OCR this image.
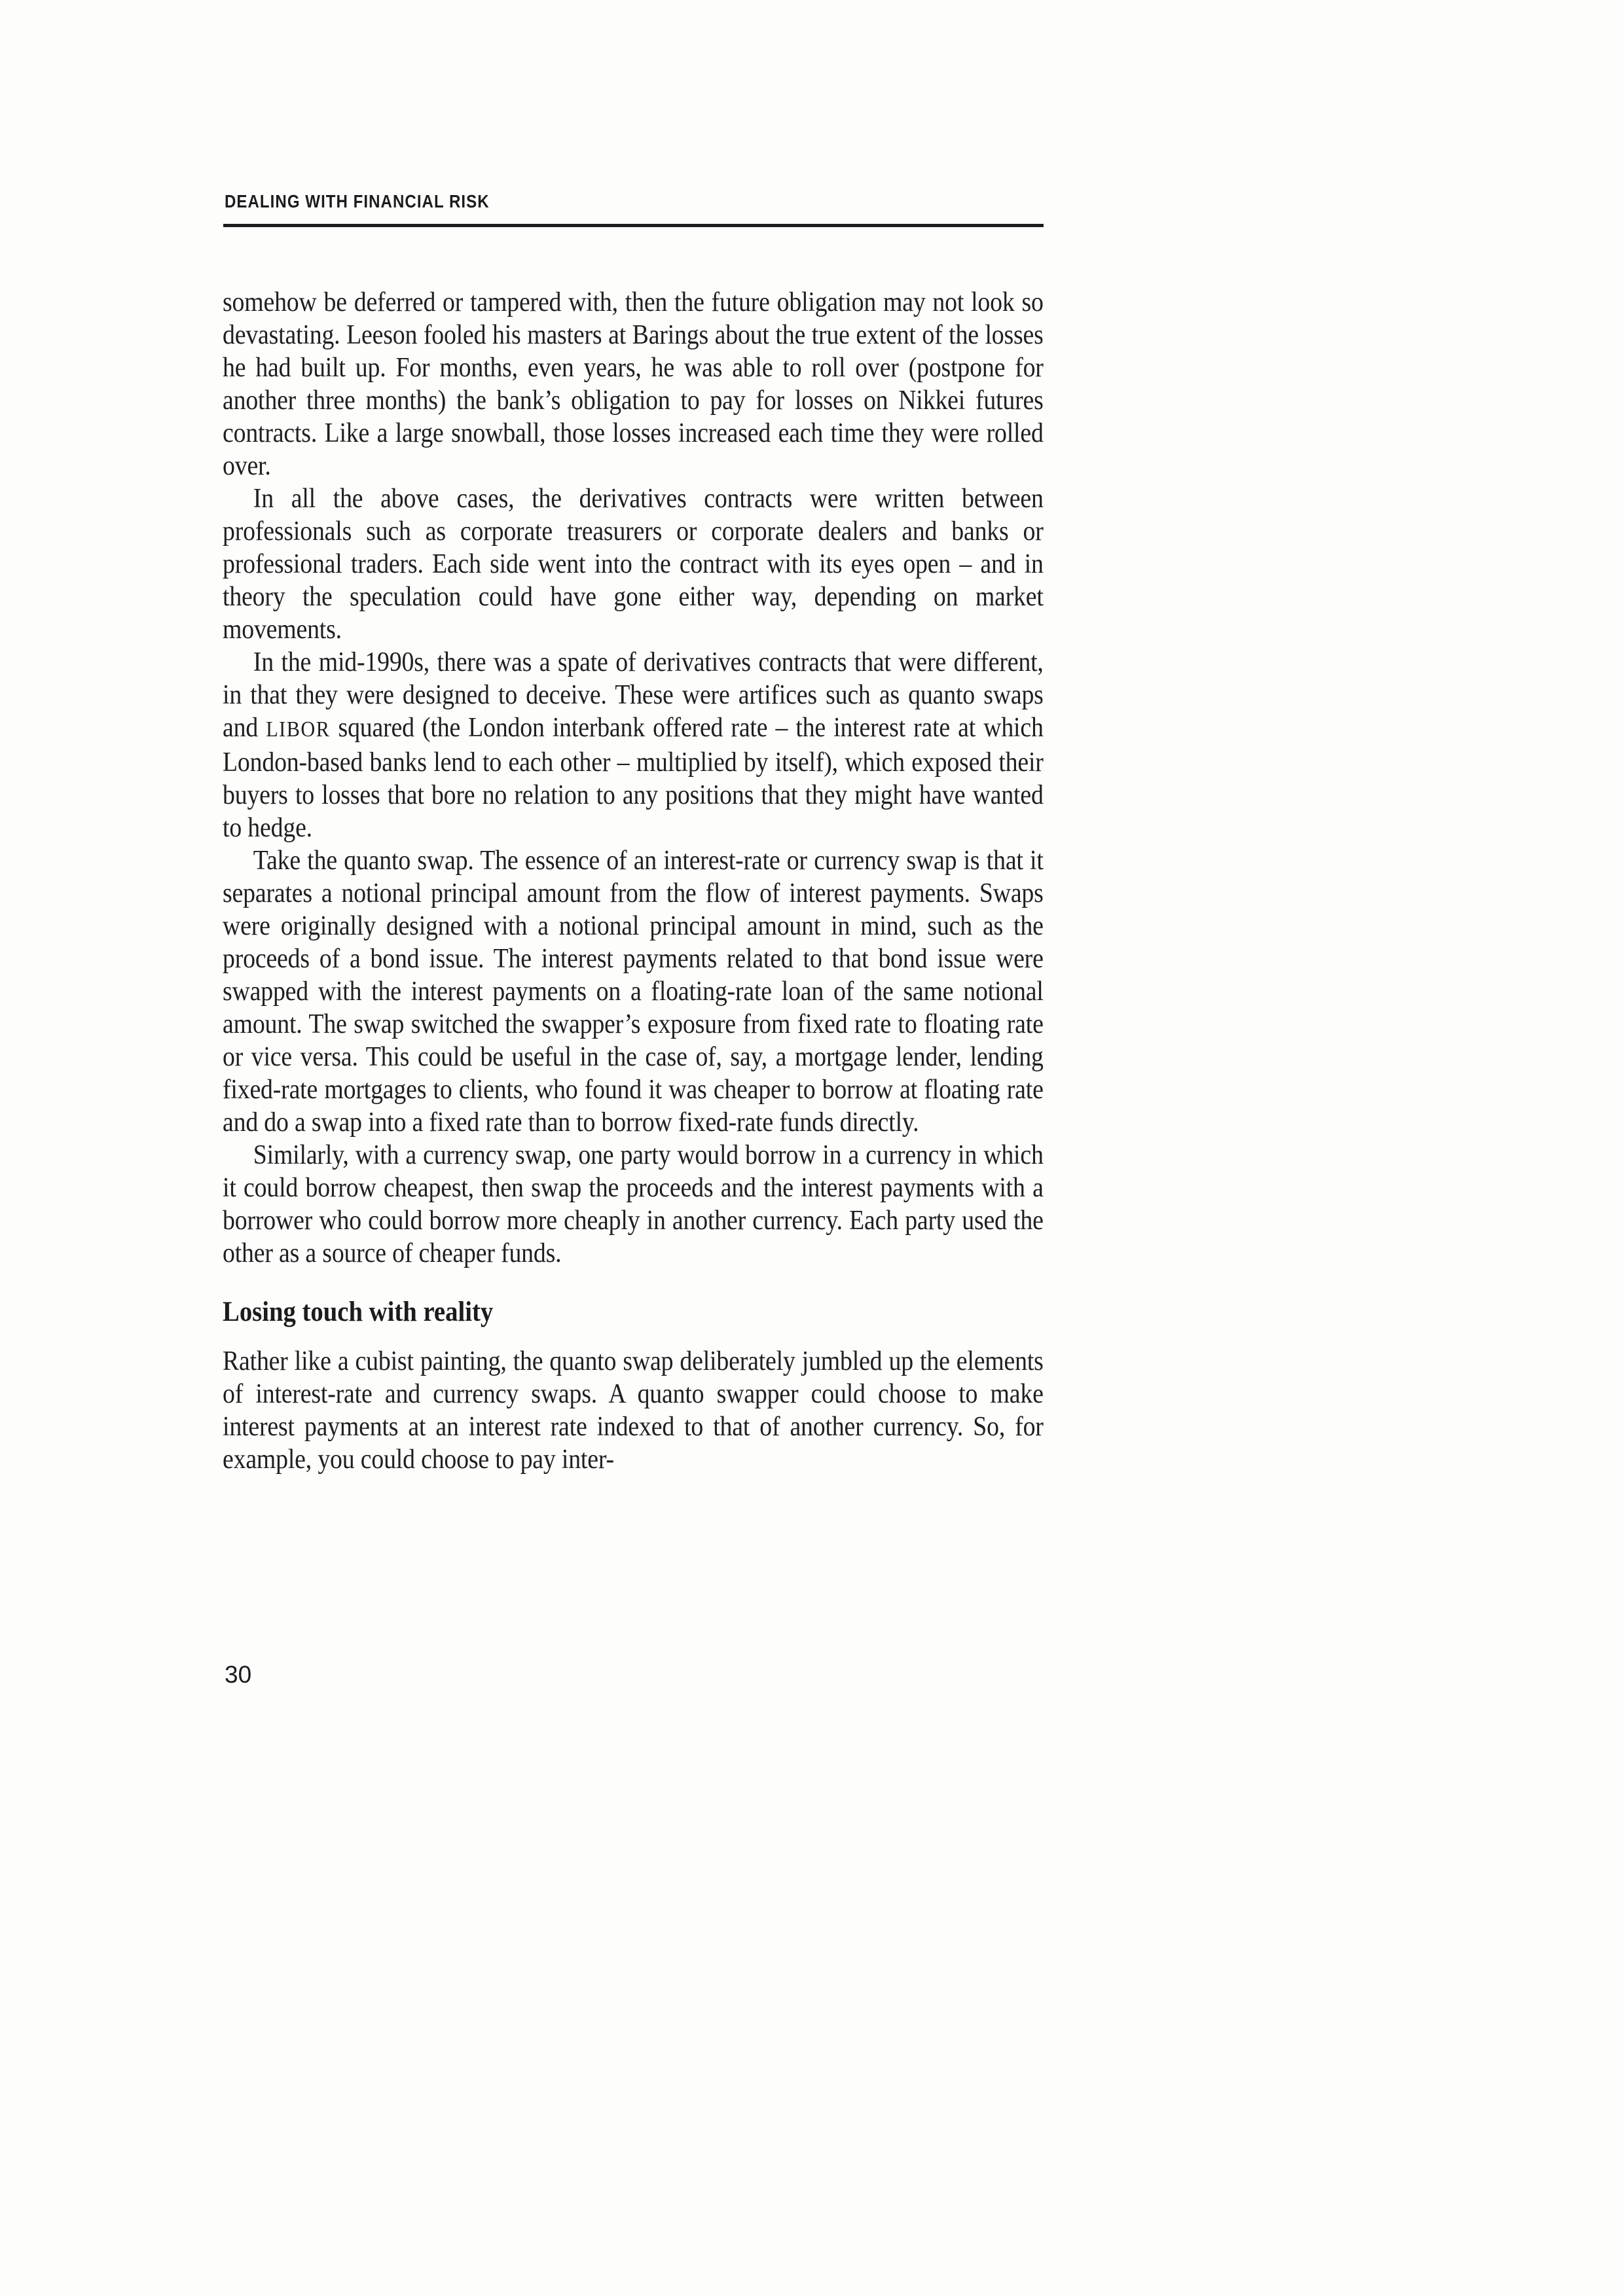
DEALING WITH FINANCIAL RISK

somehow be deferred or tampered with, then the future obligation may not look so devastating. Leeson fooled his masters at Barings about the true extent of the losses he had built up. For months, even years, he was able to roll over (postpone for another three months) the bank’s obligation to pay for losses on Nikkei futures contracts. Like a large snowball, those losses increased each time they were rolled over.

In all the above cases, the derivatives contracts were written between professionals such as corporate treasurers or corporate dealers and banks or professional traders. Each side went into the contract with its eyes open – and in theory the speculation could have gone either way, depending on market movements.

In the mid-1990s, there was a spate of derivatives contracts that were different, in that they were designed to deceive. These were artifices such as quanto swaps and LIBOR squared (the London interbank offered rate – the interest rate at which London-based banks lend to each other – multiplied by itself), which exposed their buyers to losses that bore no relation to any positions that they might have wanted to hedge.

Take the quanto swap. The essence of an interest-rate or currency swap is that it separates a notional principal amount from the flow of interest payments. Swaps were originally designed with a notional principal amount in mind, such as the proceeds of a bond issue. The interest payments related to that bond issue were swapped with the interest payments on a floating-rate loan of the same notional amount. The swap switched the swapper’s exposure from fixed rate to floating rate or vice versa. This could be useful in the case of, say, a mortgage lender, lending fixed-rate mortgages to clients, who found it was cheaper to borrow at floating rate and do a swap into a fixed rate than to borrow fixed-rate funds directly.

Similarly, with a currency swap, one party would borrow in a currency in which it could borrow cheapest, then swap the proceeds and the interest payments with a borrower who could borrow more cheaply in another currency. Each party used the other as a source of cheaper funds.

Losing touch with reality

Rather like a cubist painting, the quanto swap deliberately jumbled up the elements of interest-rate and currency swaps. A quanto swapper could choose to make interest payments at an interest rate indexed to that of another currency. So, for example, you could choose to pay inter-

30
